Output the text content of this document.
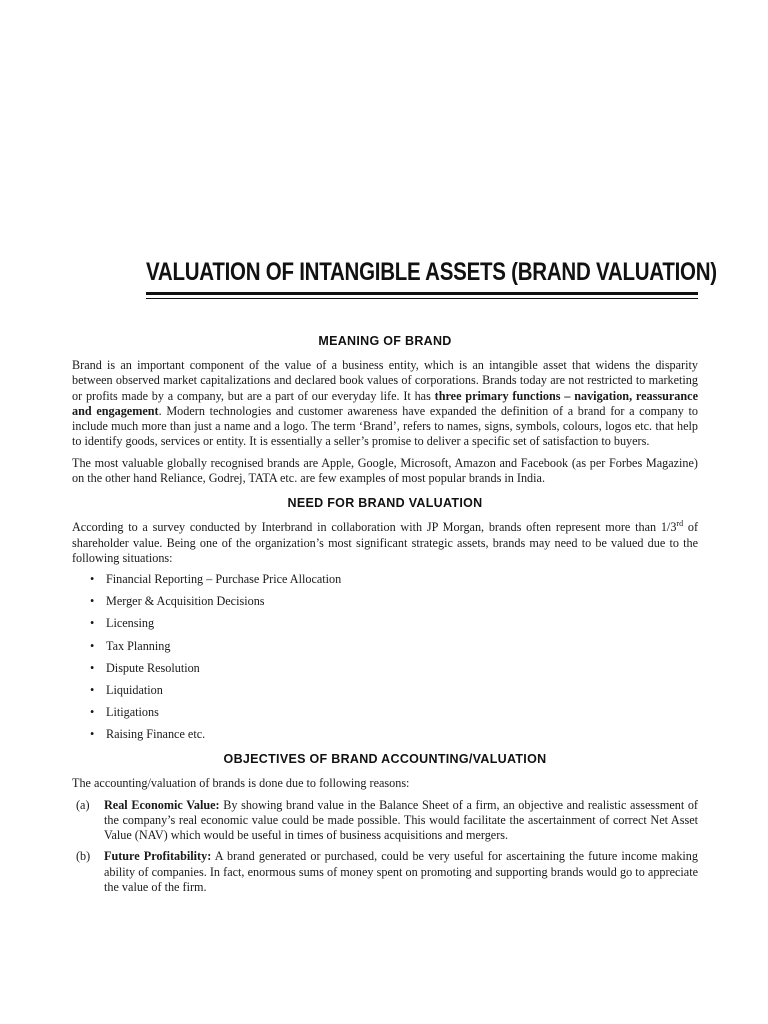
VALUATION OF INTANGIBLE ASSETS (BRAND VALUATION)
MEANING OF BRAND

Brand is an important component of the value of a business entity, which is an intangible asset that widens the disparity between observed market capitalizations and declared book values of corporations. Brands today are not restricted to marketing or profits made by a company, but are a part of our everyday life. It has three primary functions – navigation, reassurance and engagement. Modern technologies and customer awareness have expanded the definition of a brand for a company to include much more than just a name and a logo. The term ‘Brand’, refers to names, signs, symbols, colours, logos etc. that help to identify goods, services or entity. It is essentially a seller’s promise to deliver a specific set of satisfaction to buyers.

The most valuable globally recognised brands are Apple, Google, Microsoft, Amazon and Facebook (as per Forbes Magazine) on the other hand Reliance, Godrej, TATA etc. are few examples of most popular brands in India.

NEED FOR BRAND VALUATION

According to a survey conducted by Interbrand in collaboration with JP Morgan, brands often represent more than 1/3rd of shareholder value. Being one of the organization’s most significant strategic assets, brands may need to be valued due to the following situations:

• Financial Reporting – Purchase Price Allocation
• Merger & Acquisition Decisions
• Licensing
• Tax Planning
• Dispute Resolution
• Liquidation
• Litigations
• Raising Finance etc.
OBJECTIVES OF BRAND ACCOUNTING/VALUATION

The accounting/valuation of brands is done due to following reasons:

(a)	Real Economic Value: By showing brand value in the Balance Sheet of a firm, an objective and realistic assessment of the company’s real economic value could be made possible. This would facilitate the ascertainment of correct Net Asset Value (NAV) which would be useful in times of business acquisitions and mergers.
(b)	Future Profitability: A brand generated or purchased, could be very useful for ascertaining the future income making ability of companies. In fact, enormous sums of money spent on promoting and supporting brands would go to appreciate the value of the firm.
